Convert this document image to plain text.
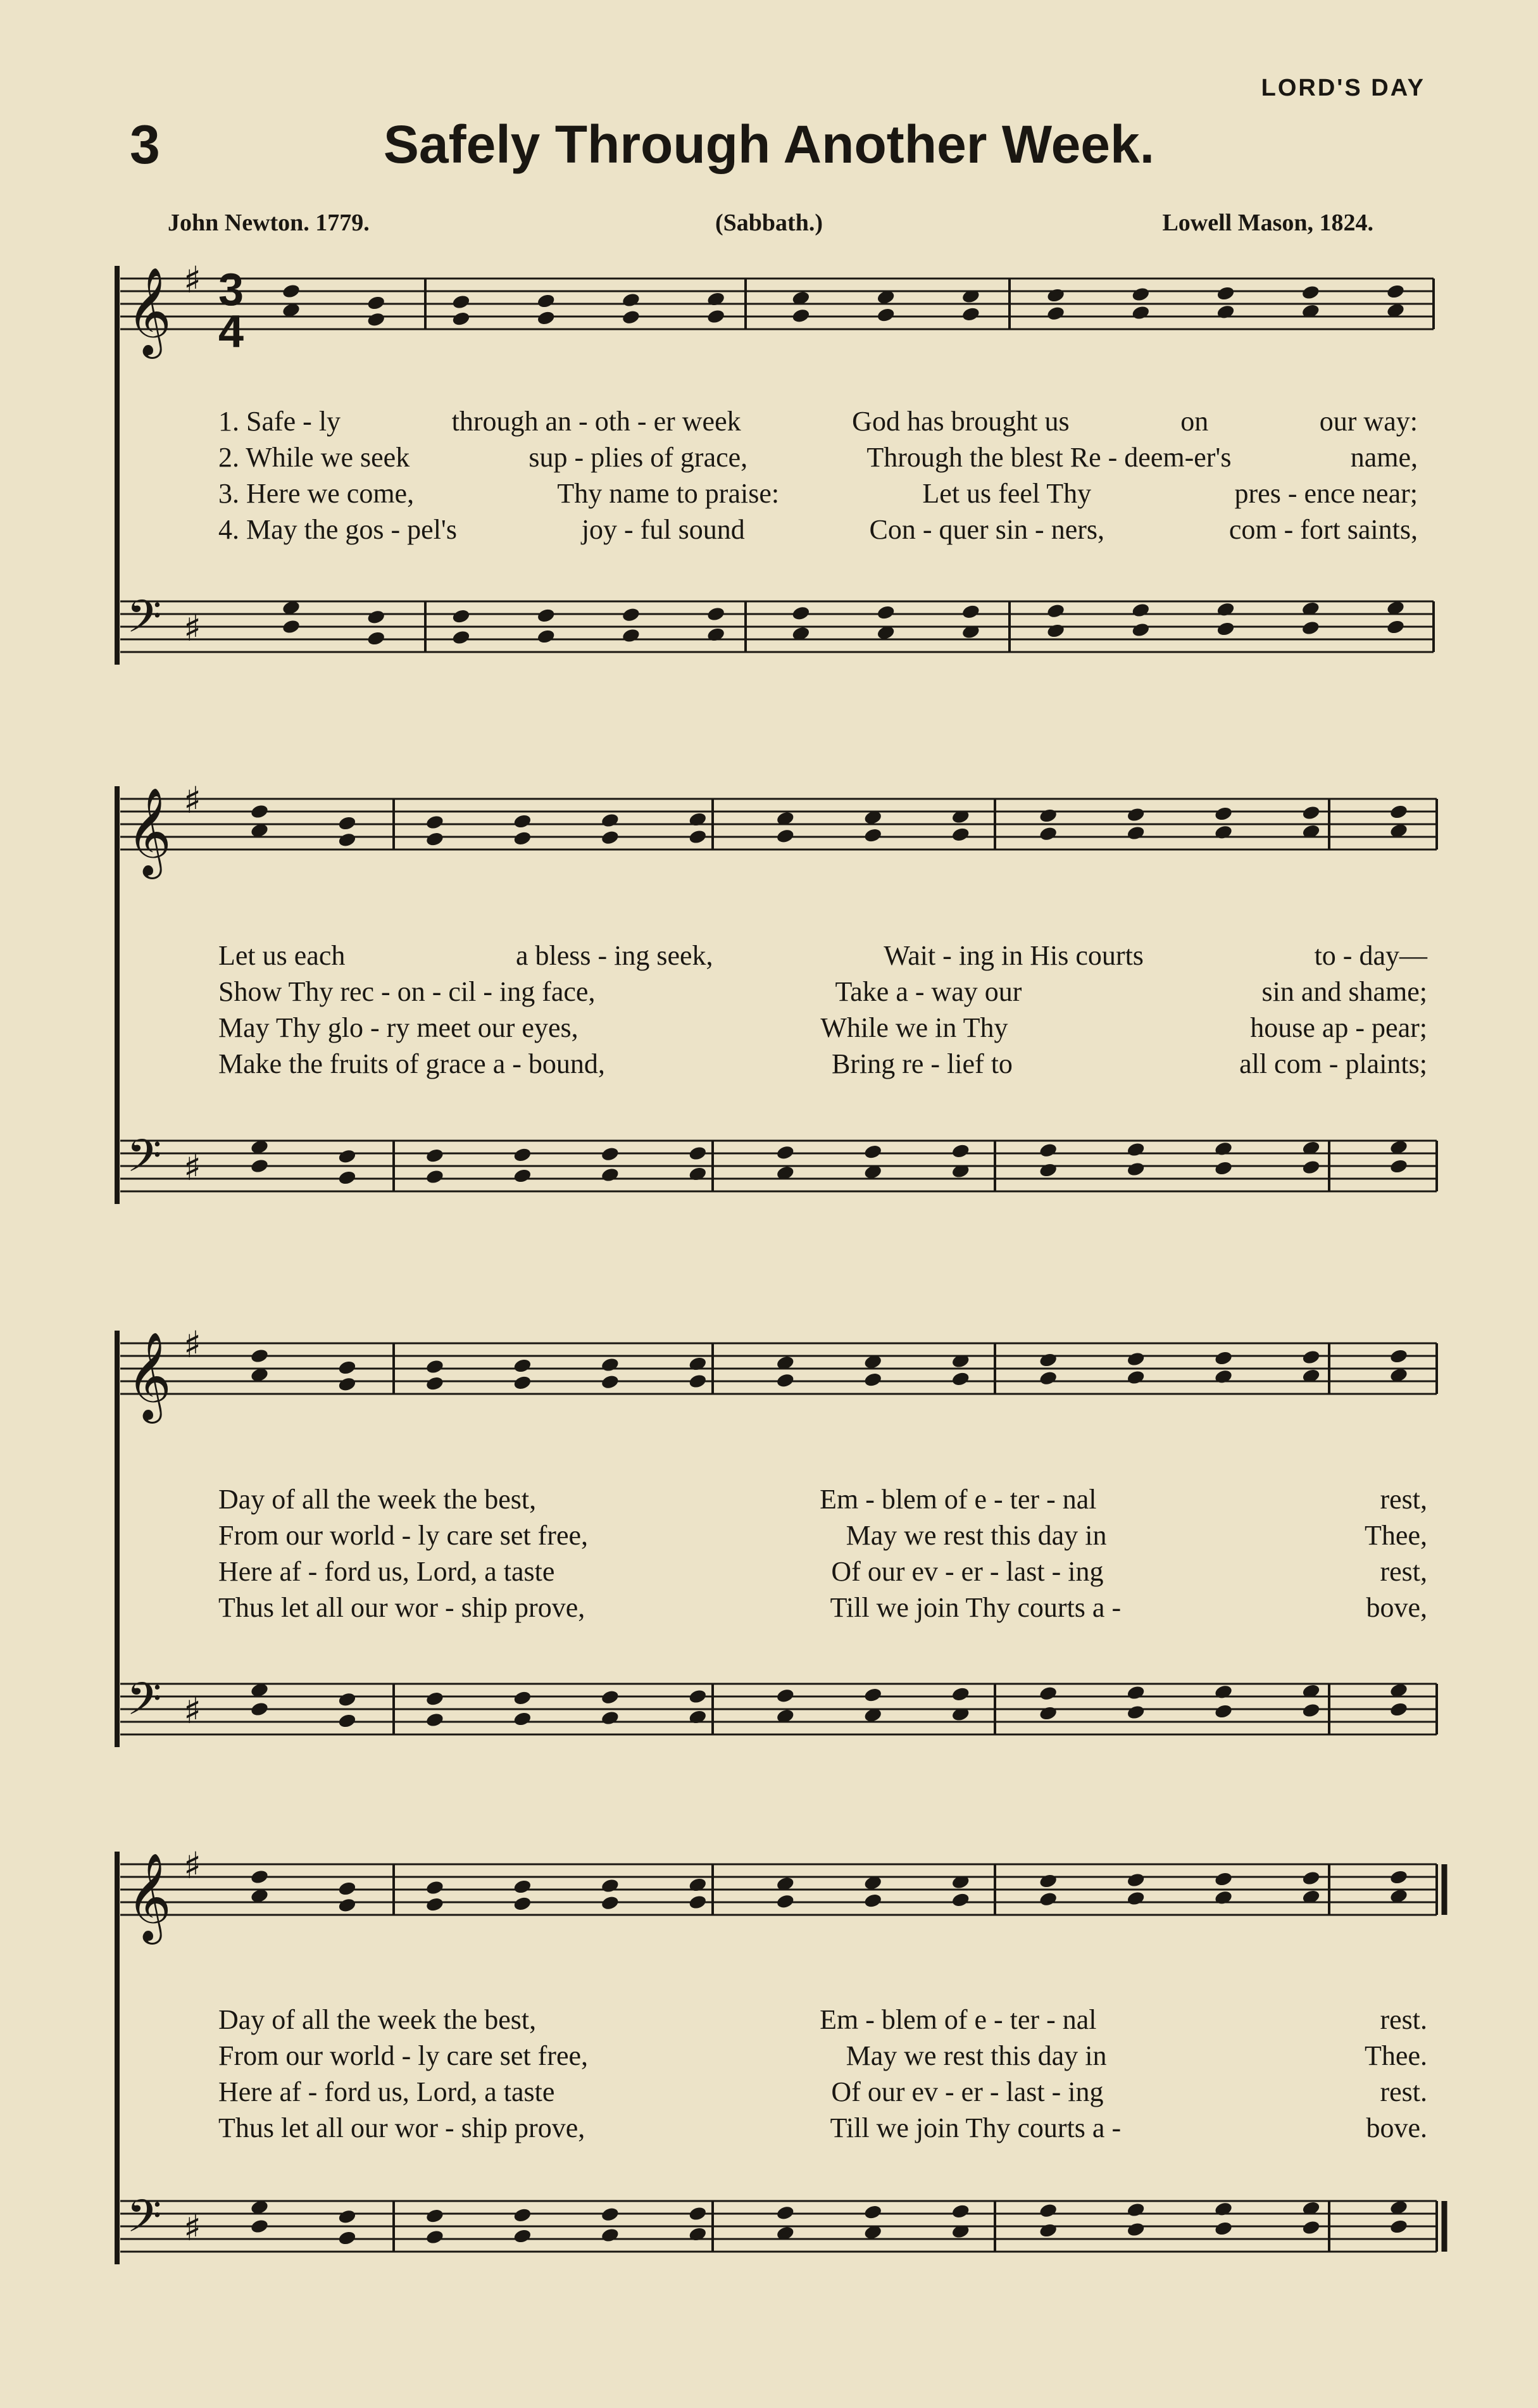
LORD'S DAY
3	Safely Through Another Week.
John Newton. 1779.	(Sabbath.)	Lowell Mason, 1824.
𝄞
𝄢
♯
♯
𝄞
𝄢
♯
♯
𝄞
𝄢
♯
♯
𝄞
𝄢
♯
♯
3
4
1. Safe - ly	through an - oth - er week	God has brought us	on	our way:
2. While we seek	sup - plies of grace,	Through the blest Re - deem-er's	name,
3. Here we come,	Thy name to praise:	Let us feel Thy	pres - ence near;
4. May the gos - pel's	joy - ful sound	Con - quer sin - ners,	com - fort saints,
Let us each	a bless - ing seek,	Wait - ing in His courts	to - day—
Show Thy rec - on - cil - ing face,	Take a - way our	sin and shame;
May Thy glo - ry meet our eyes,	While we in Thy	house ap - pear;
Make the fruits of grace a - bound,	Bring re - lief to	all com - plaints;
Day of all the week the best,	Em - blem of e - ter - nal	rest,
From our world - ly care set free,	May we rest this day in	Thee,
Here af - ford us, Lord, a taste	Of our ev - er - last - ing	rest,
Thus let all our wor - ship prove,	Till we join Thy courts a -	bove,
Day of all the week the best,	Em - blem of e - ter - nal	rest.
From our world - ly care set free,	May we rest this day in	Thee.
Here af - ford us, Lord, a taste	Of our ev - er - last - ing	rest.
Thus let all our wor - ship prove,	Till we join Thy courts a -	bove.
